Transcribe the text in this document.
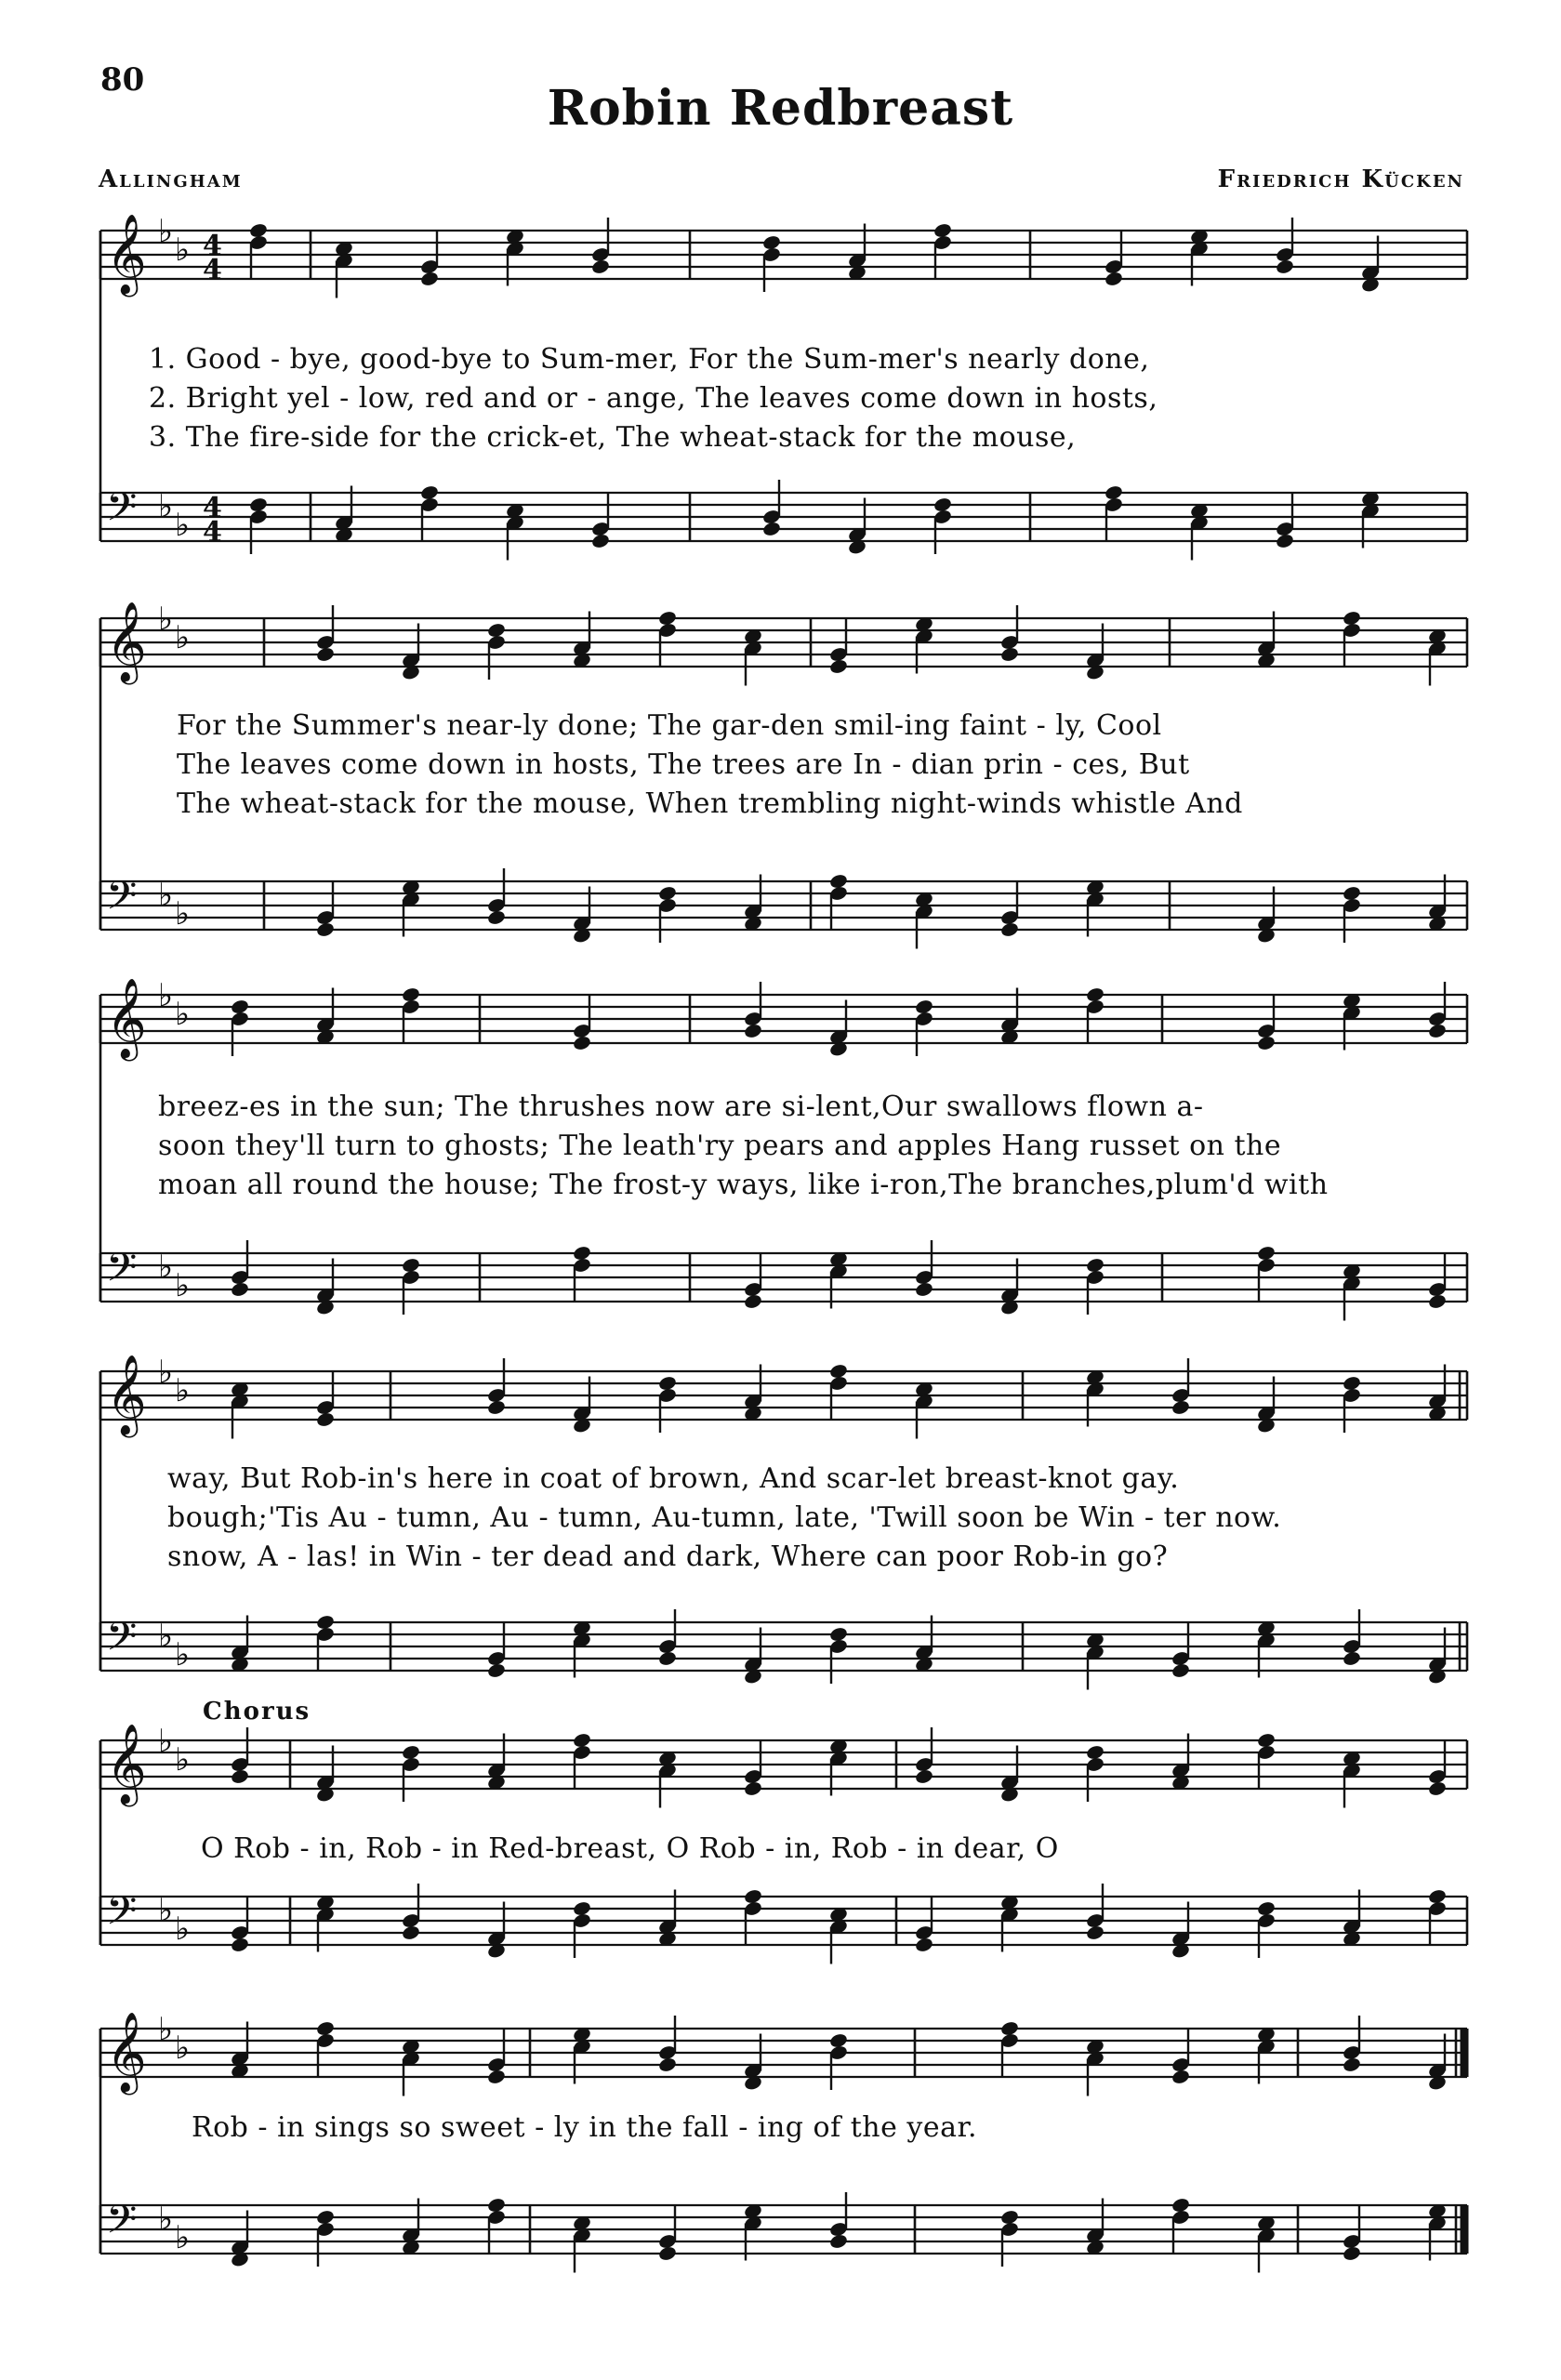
80	Robin Redbreast
Allingham	Friedrich Kücken
𝄞 ♭ ♭ 4
4
𝄢 ♭ ♭ 4
4
𝄞 ♭ ♭
𝄢 ♭ ♭
𝄞 ♭ ♭
𝄢 ♭ ♭
𝄞 ♭ ♭
𝄢 ♭ ♭
𝄞 ♭ ♭
𝄢 ♭ ♭
𝄞 ♭ ♭
𝄢 ♭ ♭
1. Good - bye, good-bye to Sum-mer, For the Sum-mer's nearly done,
2. Bright yel - low, red and or - ange, The leaves come down in hosts,
3. The fire-side for the crick-et, The wheat-stack for the mouse,
For the Summer's near-ly done; The gar-den smil-ing faint - ly, Cool
The leaves come down in hosts, The trees are In - dian prin - ces, But
The wheat-stack for the mouse, When trembling night-winds whistle And
breez-es in the sun; The thrushes now are si-lent,Our swallows flown a-
soon they'll turn to ghosts; The leath'ry pears and apples Hang russet on the
moan all round the house; The frost-y ways, like i-ron,The branches,plum'd with
way, But Rob-in's here in coat of brown, And scar-let breast-knot gay.
bough;'Tis Au - tumn, Au - tumn, Au-tumn, late, 'Twill soon be Win - ter now.
snow, A - las! in Win - ter dead and dark, Where can poor Rob-in go?
Chorus
O Rob - in, Rob - in Red-breast, O Rob - in, Rob - in dear, O
Rob - in sings so sweet - ly in the fall - ing of the year.
